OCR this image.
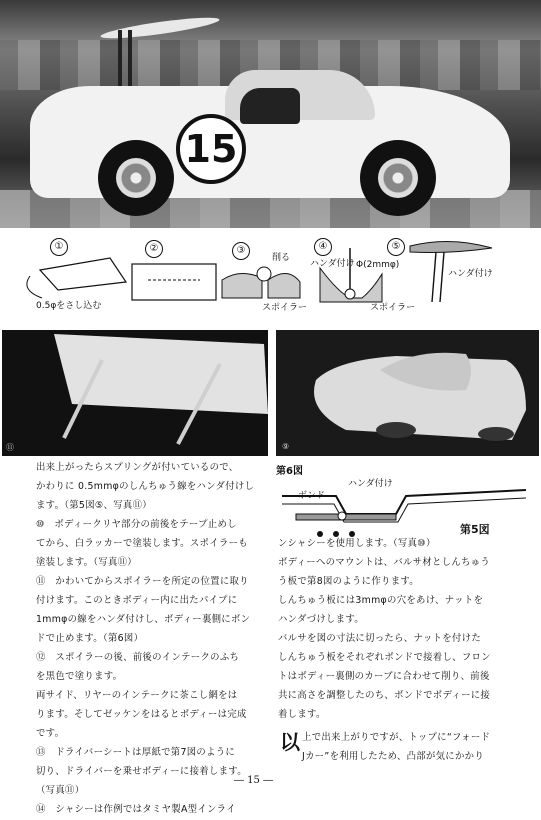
15
①	②	③	④	⑤
0.5φをさし込む
削る
ハンダ付け Φ(2mmφ)
スポイラー	スポイラー
ハンダ付け
第5図
⑪	⑨
出来上がったらスプリングが付いているので、
かわりに 0.5mmφのしんちゅう線をハンダ付けし
ます。（第5図⑤、写真⑪）
⑩　ボディークリヤ部分の前後をテープ止めし
てから、白ラッカーで塗装します。スポイラーも
塗装します。（写真⑪）
⑪　かわいてからスポイラーを所定の位置に取り
付けます。このときボディー内に出たパイプに
1mmφの線をハンダ付けし、ボディー裏側にボン
ドで止めます。（第6図）
⑫　スポイラーの後、前後のインテークのふち
を黒色で塗ります。
両サイド、リヤーのインテークに茶こし網をは
ります。そしてゼッケンをはるとボディーは完成
です。
⑬　ドライバーシートは厚紙で第7図のように
切り、ドライバーを乗せボディーに接着します。
（写真⑪）
⑭　シャシーは作例ではタミヤ製A型インライ
第6図
ボンド
ハンダ付け
ンシャシーを使用します。（写真⑩）
ボディーへのマウントは、バルサ材としんちゅう
う板で第8図のように作ります。
しんちゅう板には3mmφの穴をあけ、ナットを
ハンダづけします。
バルサを図の寸法に切ったら、ナットを付けた
しんちゅう板をそれぞれボンドで接着し、フロン
トはボディー裏側のカーブに合わせて削り、前後
共に高さを調整したのち、ボンドでボディーに接
着します。
以 上で出来上がりですが、トップに“フォード
Jカー”を利用したため、凸部が気にかかり
― 15 ―
